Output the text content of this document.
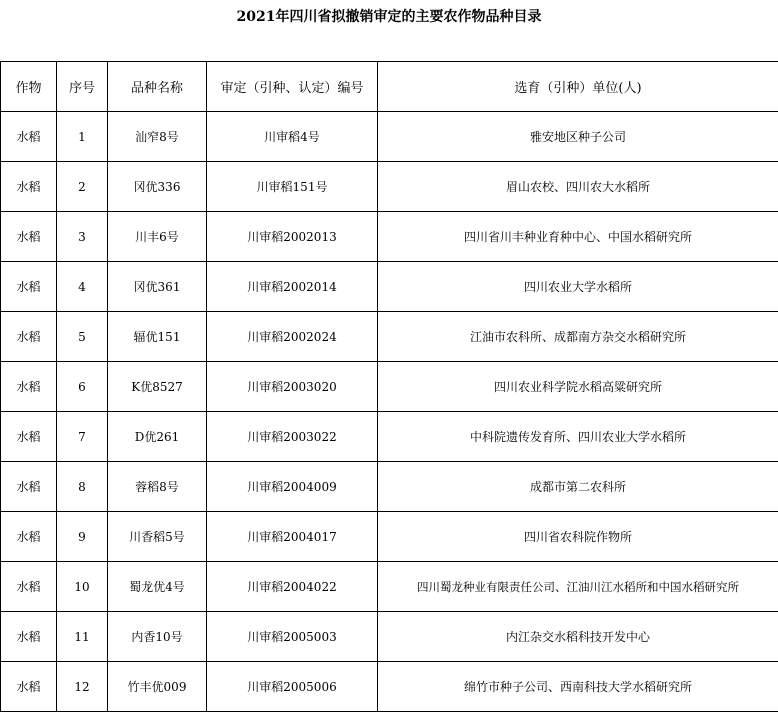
2021年四川省拟撤销审定的主要农作物品种目录
作物	序号	品种名称	审定（引种、认定）编号	选育（引种）单位(人)
水稻	1	汕窄8号	川审稻4号	雅安地区种子公司
水稻	2	冈优336	川审稻151号	眉山农校、四川农大水稻所
水稻	3	川丰6号	川审稻2002013	四川省川丰种业育种中心、中国水稻研究所
水稻	4	冈优361	川审稻2002014	四川农业大学水稻所
水稻	5	辐优151	川审稻2002024	江油市农科所、成都南方杂交水稻研究所
水稻	6	K优8527	川审稻2003020	四川农业科学院水稻高粱研究所
水稻	7	D优261	川审稻2003022	中科院遗传发育所、四川农业大学水稻所
水稻	8	蓉稻8号	川审稻2004009	成都市第二农科所
水稻	9	川香稻5号	川审稻2004017	四川省农科院作物所
水稻	10	蜀龙优4号	川审稻2004022	四川蜀龙种业有限责任公司、江油川江水稻所和中国水稻研究所
水稻	11	内香10号	川审稻2005003	内江杂交水稻科技开发中心
水稻	12	竹丰优009	川审稻2005006	绵竹市种子公司、西南科技大学水稻研究所
